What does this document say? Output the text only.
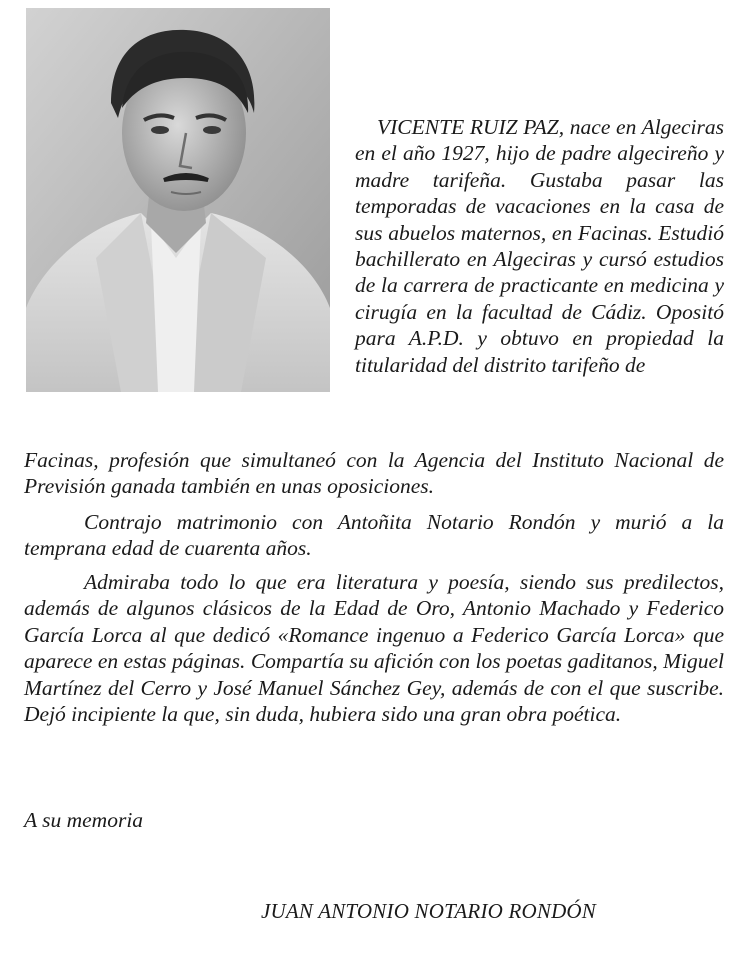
VICENTE RUIZ PAZ, nace en Algeciras en el año 1927, hijo de padre algecireño y madre tarifeña. Gustaba pasar las temporadas de vacaciones en la casa de sus abuelos maternos, en Facinas. Estudió bachillerato en Algeciras y cursó estudios de la carrera de practicante en medicina y cirugía en la facultad de Cádiz. Opositó para A.P.D. y obtuvo en propiedad la titularidad del distrito tarifeño de

Facinas, profesión que simultaneó con la Agencia del Instituto Nacional de Previsión ganada también en unas oposiciones.

Contrajo matrimonio con Antoñita Notario Rondón y murió a la temprana edad de cuarenta años.

Admiraba todo lo que era literatura y poesía, siendo sus predilectos, además de algunos clásicos de la Edad de Oro, Antonio Machado y Federico García Lorca al que dedicó «Romance ingenuo a Federico García Lorca» que aparece en estas páginas. Compartía su afición con los poetas gaditanos, Miguel Martínez del Cerro y José Manuel Sánchez Gey, además de con el que suscribe. Dejó incipiente la que, sin duda, hubiera sido una gran obra poética.

A su memoria
JUAN ANTONIO NOTARIO RONDÓN
